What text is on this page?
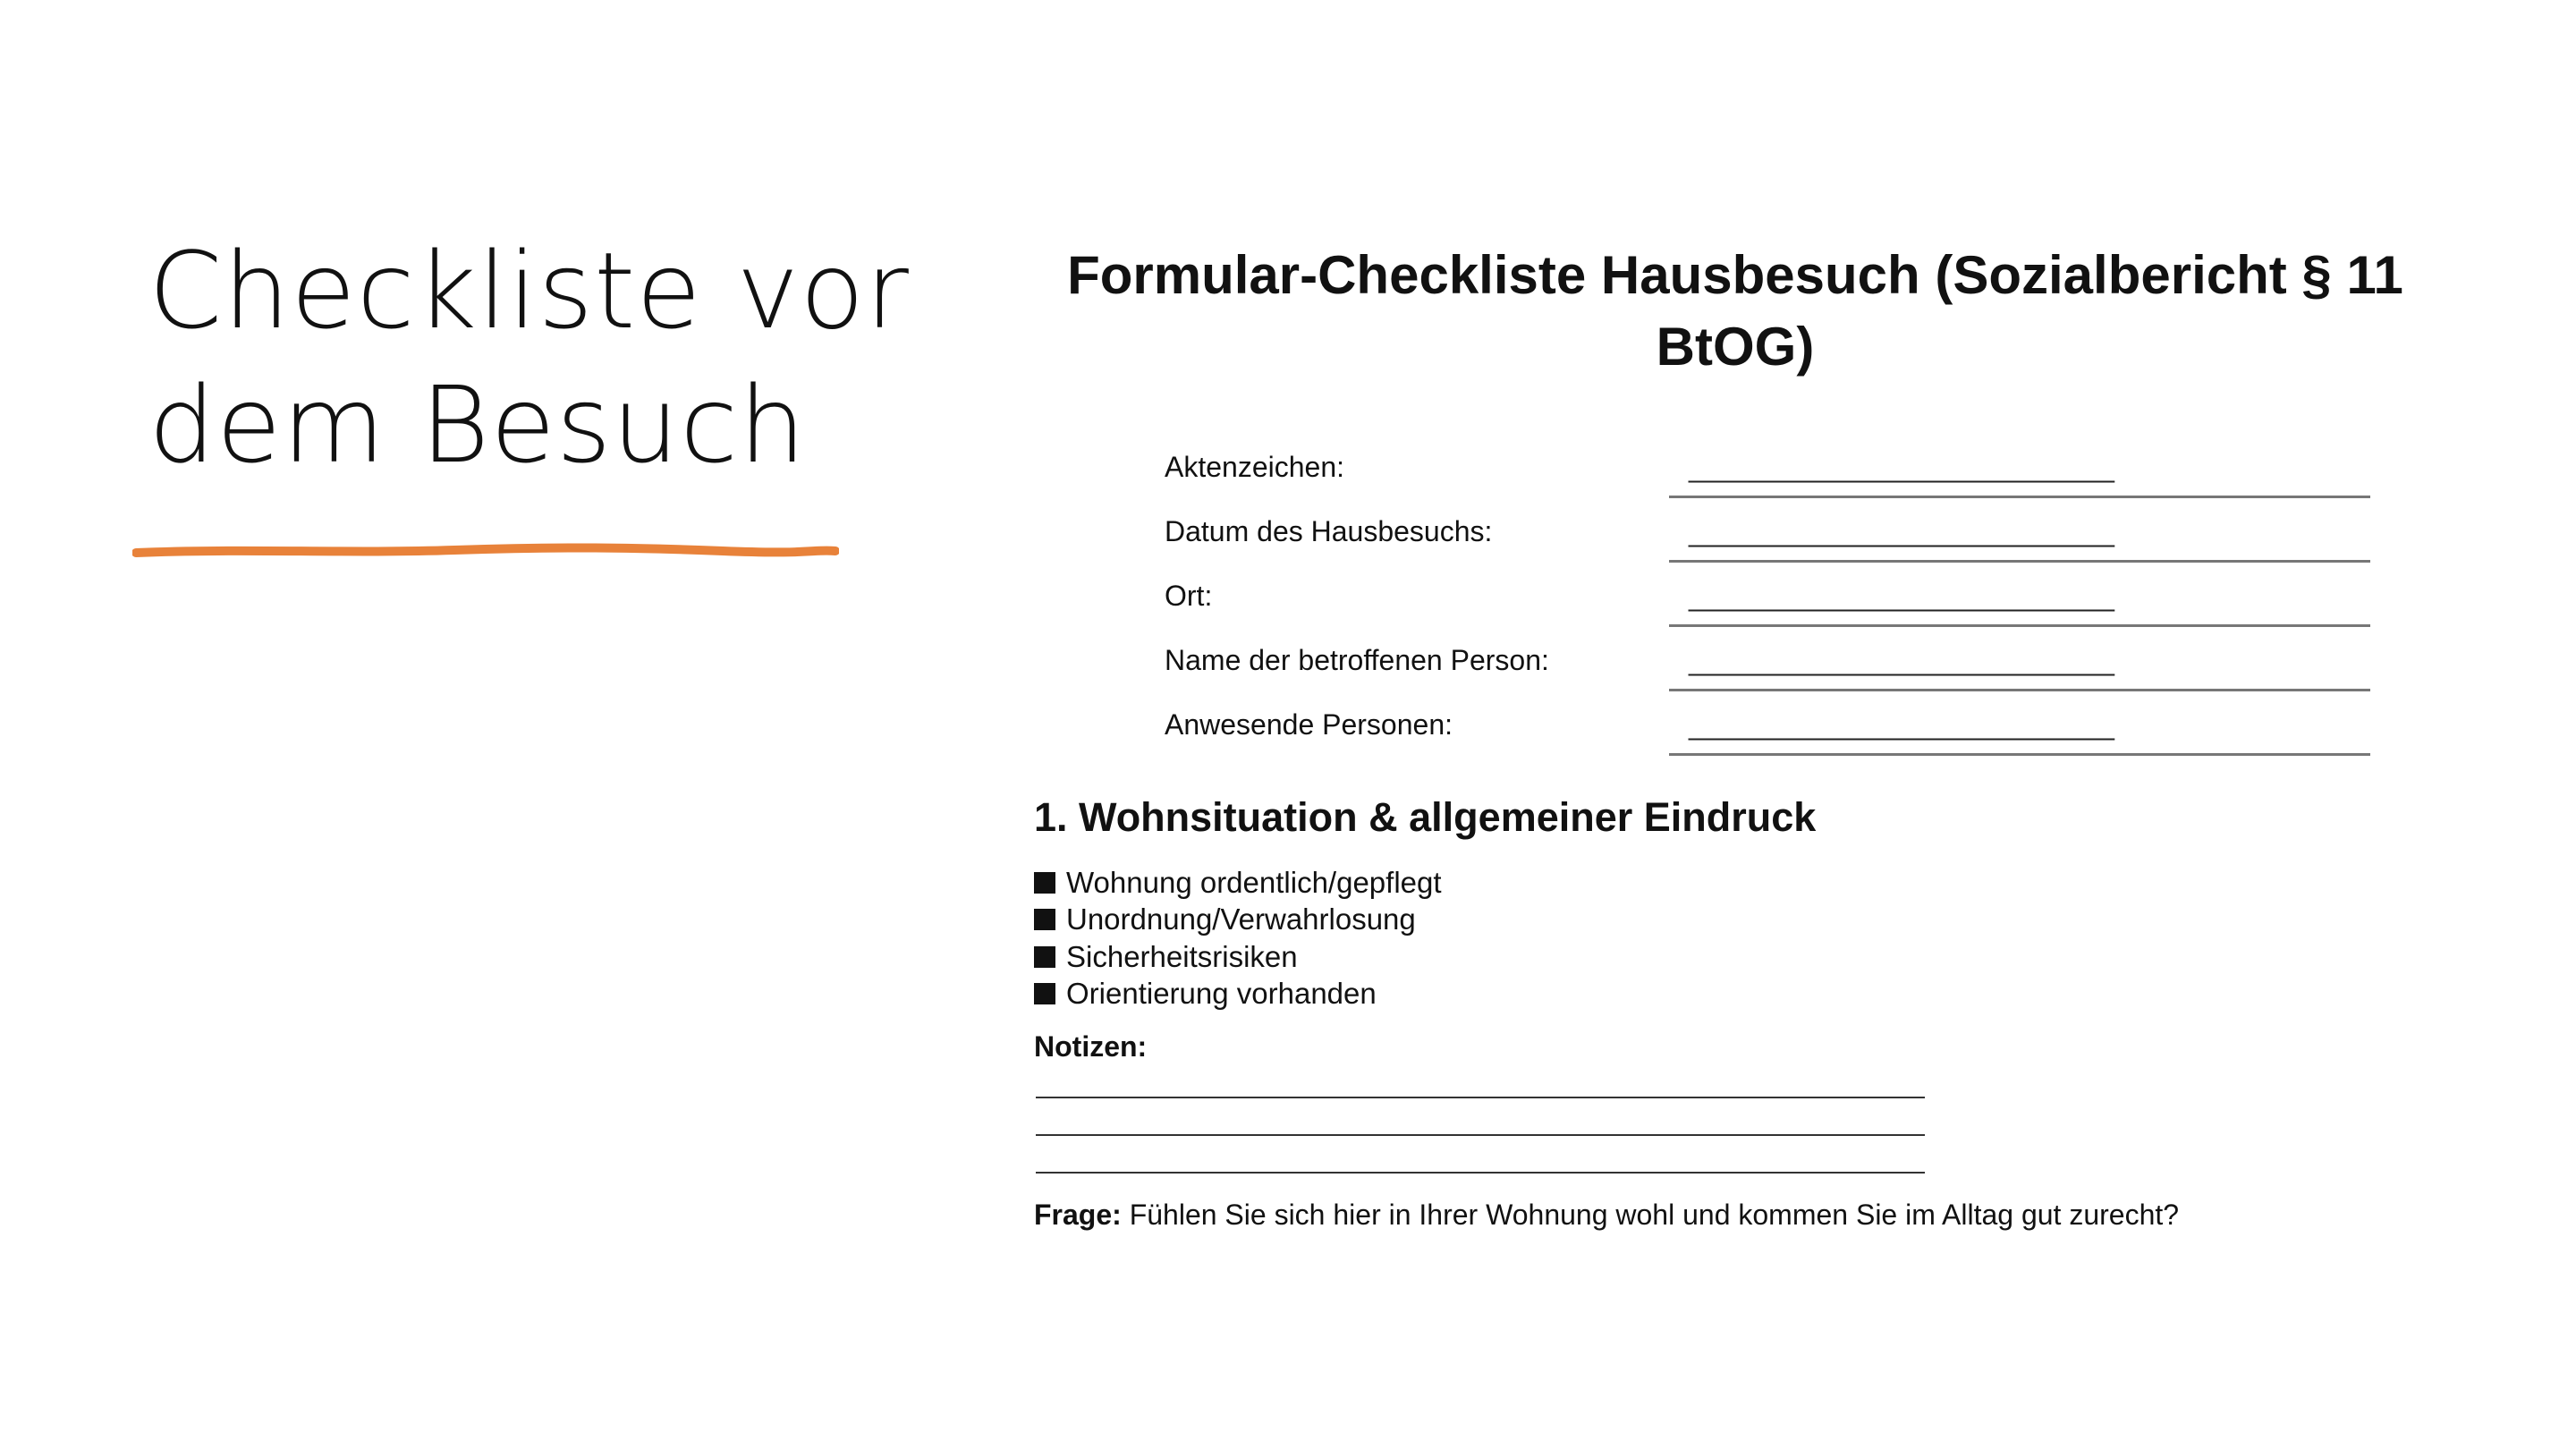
Checkliste vor
dem Besuch
Formular-Checkliste Hausbesuch (Sozialbericht § 11 BtOG)
Aktenzeichen:	______________________________
Datum des Hausbesuchs:	______________________________
Ort:	______________________________
Name der betroffenen Person:	______________________________
Anwesende Personen:	______________________________
1. Wohnsituation & allgemeiner Eindruck
Wohnung ordentlich/gepflegt
Unordnung/Verwahrlosung
Sicherheitsrisiken
Orientierung vorhanden
Notizen:
Frage: Fühlen Sie sich hier in Ihrer Wohnung wohl und kommen Sie im Alltag gut zurecht?
